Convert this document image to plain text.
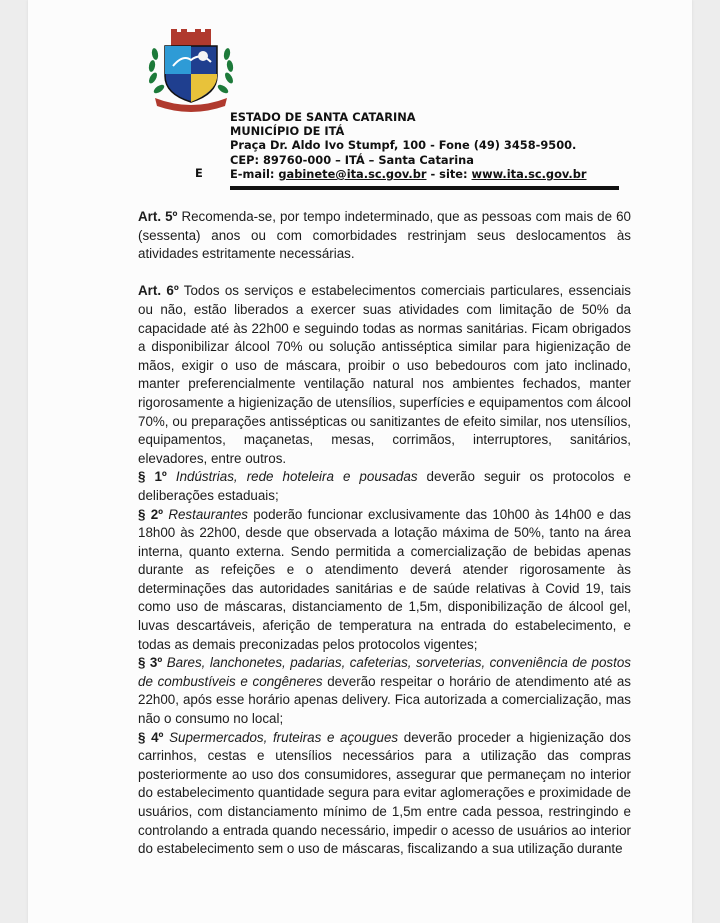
ESTADO DE SANTA CATARINA
MUNICÍPIO DE ITÁ
Praça Dr. Aldo Ivo Stumpf, 100 - Fone (49) 3458-9500.
CEP: 89760-000 – ITÁ – Santa Catarina
E-mail: gabinete@ita.sc.gov.br - site: www.ita.sc.gov.br
E

Art. 5º Recomenda-se, por tempo indeterminado, que as pessoas com mais de 60 (sessenta) anos ou com comorbidades restrinjam seus deslocamentos às atividades estritamente necessárias.

Art. 6º Todos os serviços e estabelecimentos comerciais particulares, essenciais ou não, estão liberados a exercer suas atividades com limitação de 50% da capacidade até às 22h00 e seguindo todas as normas sanitárias. Ficam obrigados a disponibilizar álcool 70% ou solução antisséptica similar para higienização de mãos, exigir o uso de máscara, proibir o uso bebedouros com jato inclinado, manter preferencialmente ventilação natural nos ambientes fechados, manter rigorosamente a higienização de utensílios, superfícies e equipamentos com álcool 70%, ou preparações antissépticas ou sanitizantes de efeito similar, nos utensílios, equipamentos, maçanetas, mesas, corrimãos, interruptores, sanitários, elevadores, entre outros.

§ 1º Indústrias, rede hoteleira e pousadas deverão seguir os protocolos e deliberações estaduais;

§ 2º Restaurantes poderão funcionar exclusivamente das 10h00 às 14h00 e das 18h00 às 22h00, desde que observada a lotação máxima de 50%, tanto na área interna, quanto externa. Sendo permitida a comercialização de bebidas apenas durante as refeições e o atendimento deverá atender rigorosamente às determinações das autoridades sanitárias e de saúde relativas à Covid 19, tais como uso de máscaras, distanciamento de 1,5m, disponibilização de álcool gel, luvas descartáveis, aferição de temperatura na entrada do estabelecimento, e todas as demais preconizadas pelos protocolos vigentes;

§ 3º Bares, lanchonetes, padarias, cafeterias, sorveterias, conveniência de postos de combustíveis e congêneres deverão respeitar o horário de atendimento até as 22h00, após esse horário apenas delivery. Fica autorizada a comercialização, mas não o consumo no local;

§ 4º Supermercados, fruteiras e açougues deverão proceder a higienização dos carrinhos, cestas e utensílios necessários para a utilização das compras posteriormente ao uso dos consumidores, assegurar que permaneçam no interior do estabelecimento quantidade segura para evitar aglomerações e proximidade de usuários, com distanciamento mínimo de 1,5m entre cada pessoa, restringindo e controlando a entrada quando necessário, impedir o acesso de usuários ao interior do estabelecimento sem o uso de máscaras, fiscalizando a sua utilização durante
